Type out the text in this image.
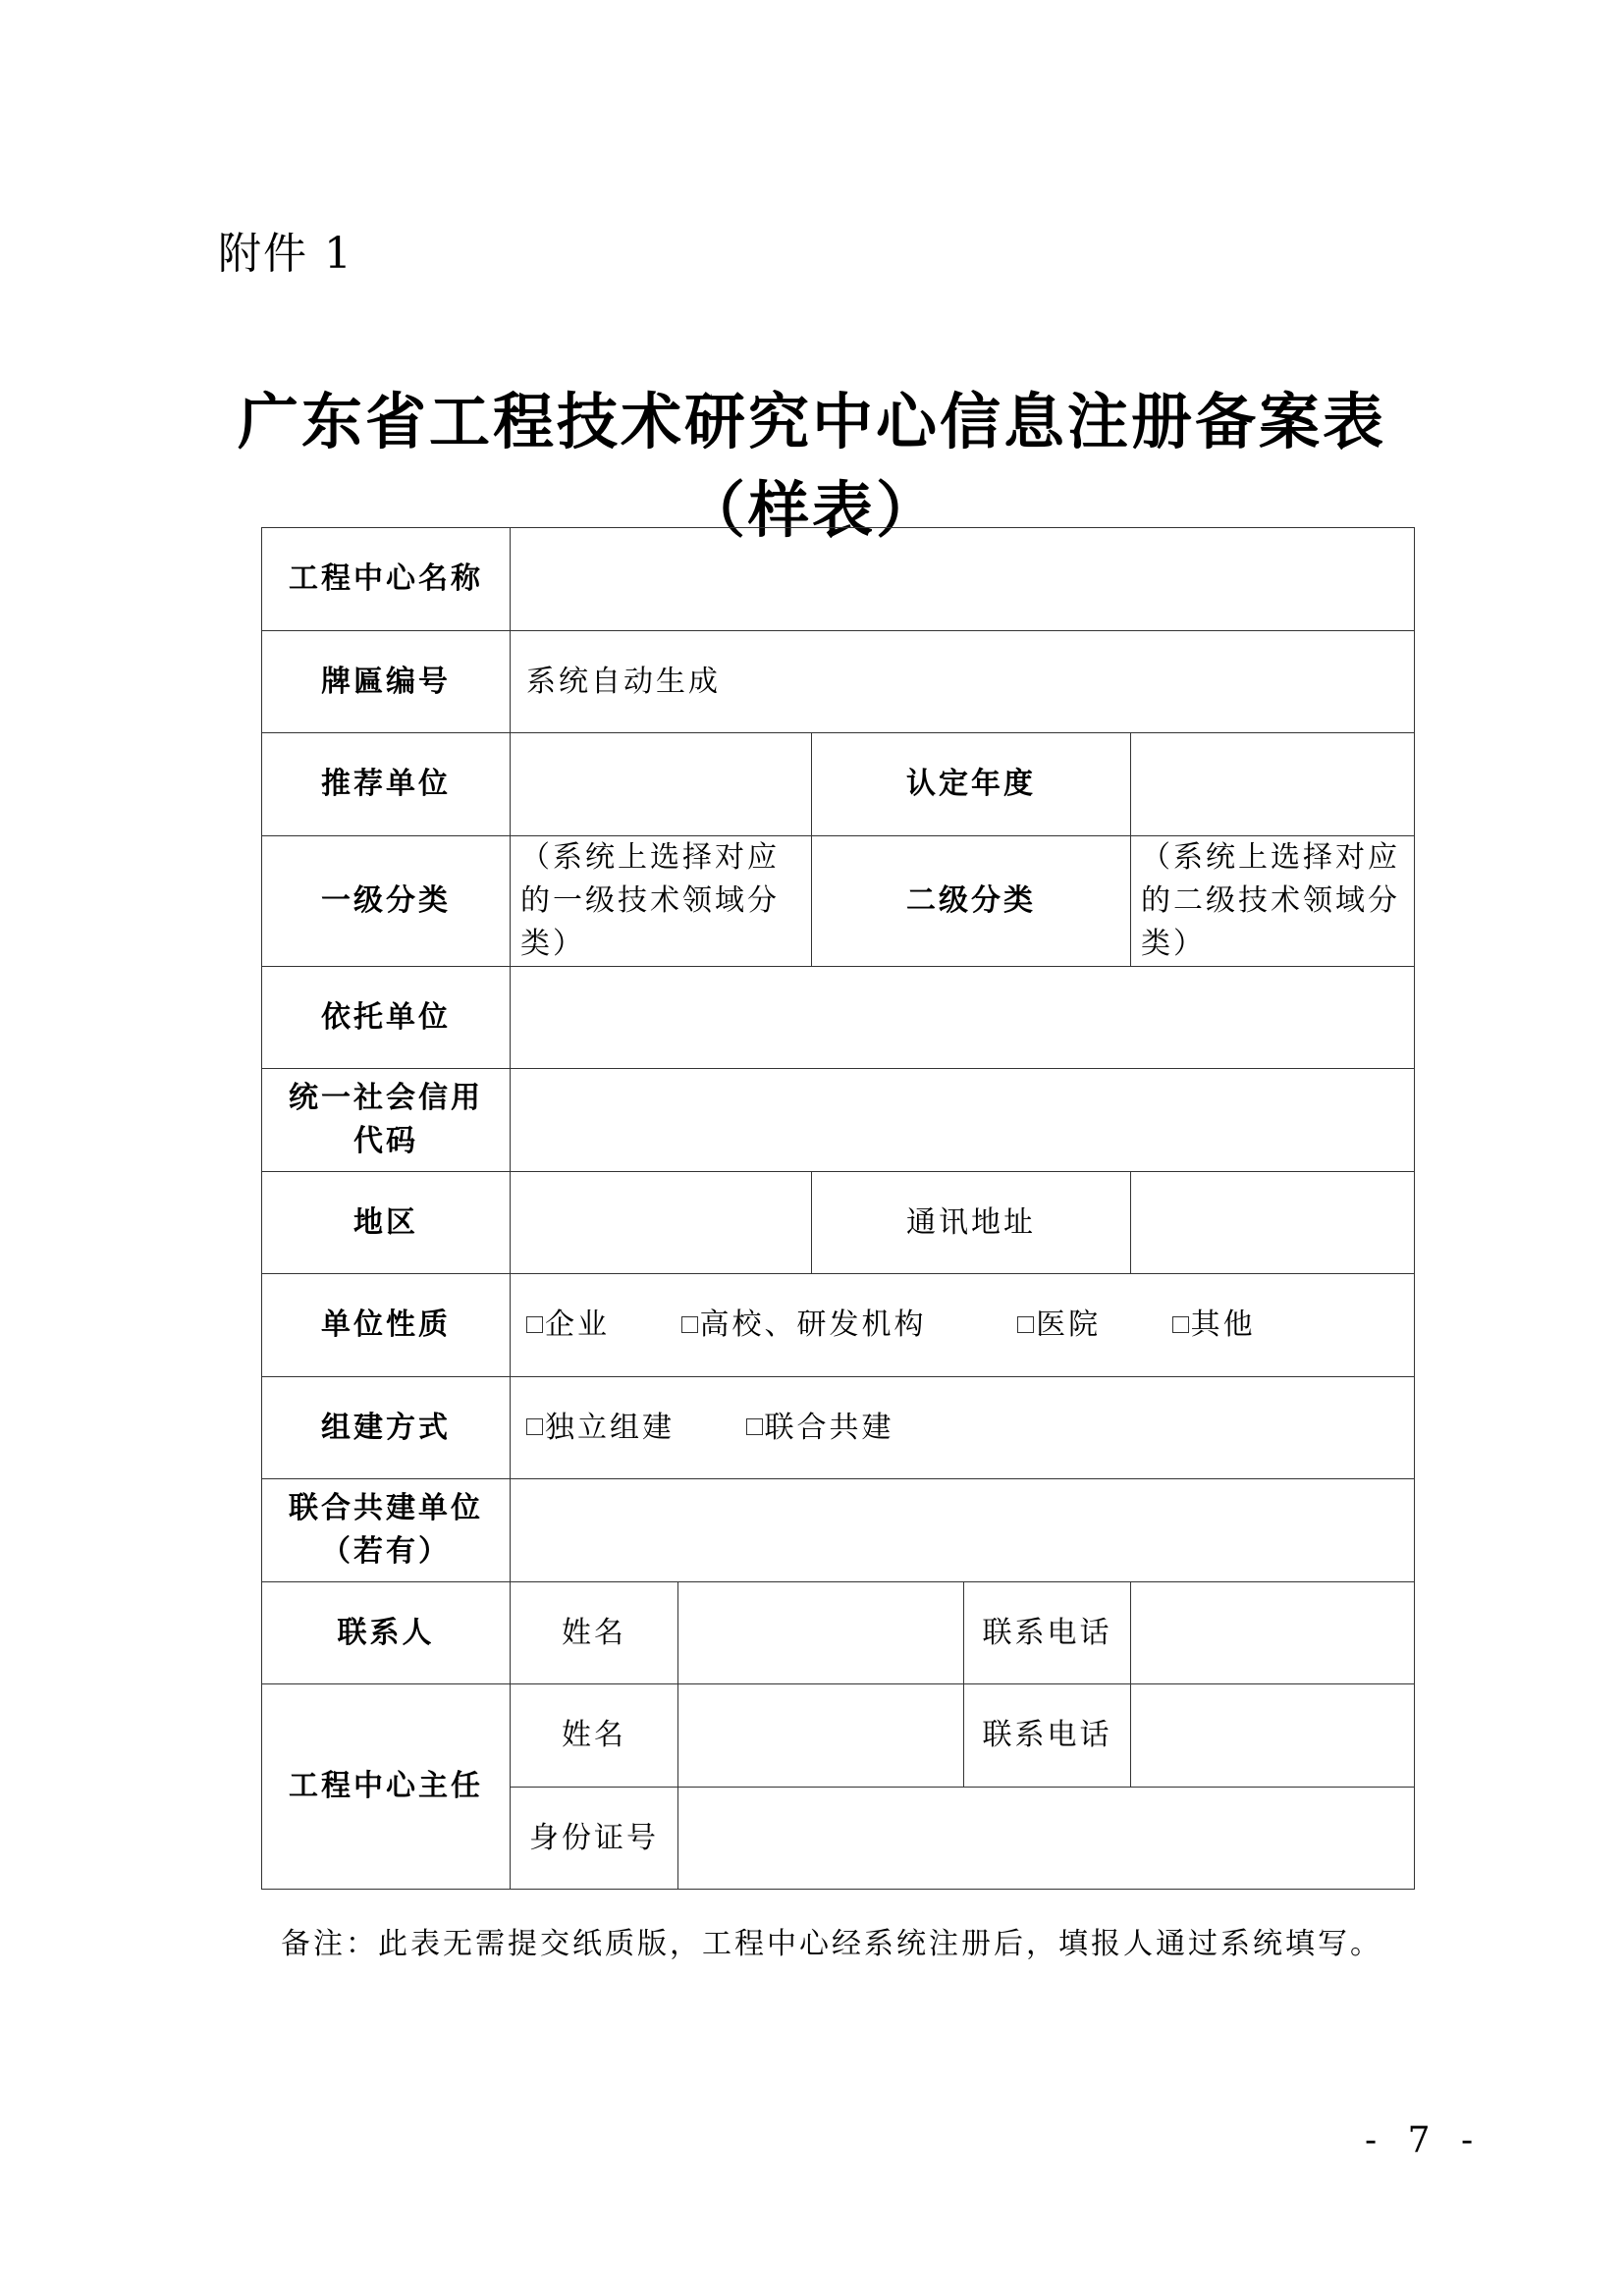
附件 1
广东省工程技术研究中心信息注册备案表
（样表）
工程中心名称					
牌匾编号	系统自动生成				
推荐单位			认定年度		
一级分类	（系统上选择对应的一级技术领域分类）		二级分类		（系统上选择对应的二级技术领域分类）
依托单位					
统一社会信用代码					
地区			通讯地址		
单位性质	企业 高校、研发机构 医院 其他				
组建方式	独立组建 联合共建				
联合共建单位（若有）					
联系人	姓名			联系电话	
工程中心主任	姓名			联系电话	
	身份证号				
备注：此表无需提交纸质版，工程中心经系统注册后，填报人通过系统填写。
- 7 -
